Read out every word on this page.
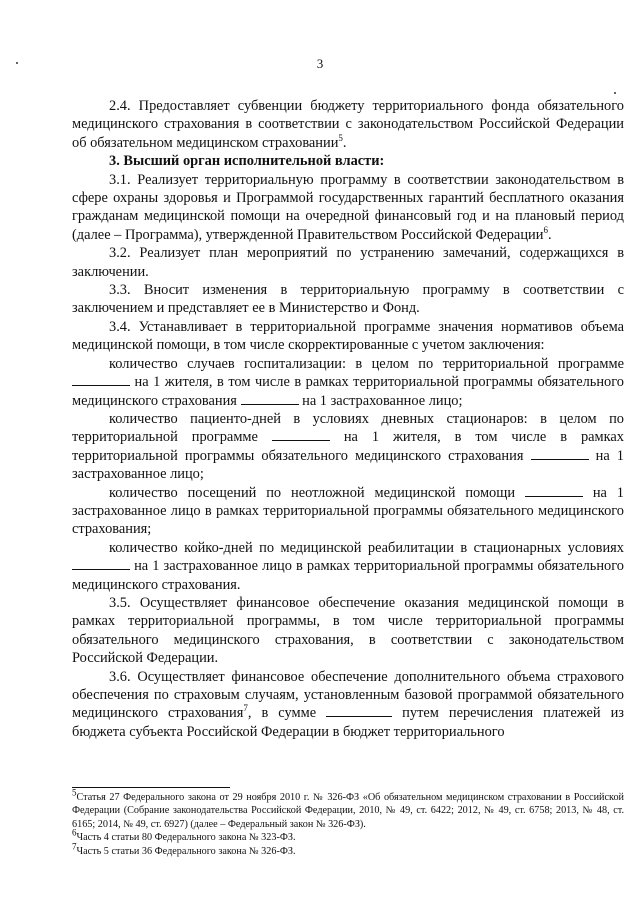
3

2.4. Предоставляет субвенции бюджету территориального фонда обязательного медицинского страхования в соответствии с законодательством Российской Федерации об обязательном медицинском страховании$^5$.

3. Высший орган исполнительной власти:

3.1. Реализует территориальную программу в соответствии законодательством в сфере охраны здоровья и Программой государственных гарантий бесплатного оказания гражданам медицинской помощи на очередной финансовый год и на плановый период (далее – Программа), утвержденной Правительством Российской Федерации$^6$.

3.2. Реализует план мероприятий по устранению замечаний, содержащихся в заключении.

3.3. Вносит изменения в территориальную программу в соответствии с заключением и представляет ее в Министерство и Фонд.

3.4. Устанавливает в территориальной программе значения нормативов объема медицинской помощи, в том числе скорректированные с учетом заключения:

количество случаев госпитализации: в целом по территориальной программе  на 1 жителя, в том числе в рамках территориальной программы обязательного медицинского страхования	на 1 застрахованное лицо;

количество пациенто-дней в условиях дневных стационаров: в целом по территориальной программе	на 1 жителя, в том числе в рамках территориальной программы обязательного медицинского страхования	на 1 застрахованное лицо;

количество посещений по неотложной медицинской помощи	на 1 застрахованное лицо в рамках территориальной программы обязательного медицинского страхования;

количество койко-дней по медицинской реабилитации в стационарных условиях  на 1 застрахованное лицо в рамках территориальной программы обязательного медицинского страхования.

3.5. Осуществляет финансовое обеспечение оказания медицинской помощи в рамках территориальной программы, в том числе территориальной программы обязательного медицинского страхования, в соответствии с законодательством Российской Федерации.

3.6. Осуществляет финансовое обеспечение дополнительного объема страхового обеспечения по страховым случаям, установленным базовой программой обязательного медицинского страхования$^7$, в сумме	путем перечисления платежей из бюджета субъекта Российской Федерации в бюджет территориального

$^5$Статья 27 Федерального закона от 29 ноября 2010 г. № 326-ФЗ «Об обязательном медицинском страховании в Российской Федерации (Собрание законодательства Российской Федерации, 2010, № 49, ст. 6422; 2012, № 49, ст. 6758; 2013, № 48, ст. 6165; 2014, № 49, ст. 6927) (далее – Федеральный закон № 326-ФЗ).

$^6$Часть 4 статьи 80 Федерального закона № 323-ФЗ.

$^7$Часть 5 статьи 36 Федерального закона № 326-ФЗ.
